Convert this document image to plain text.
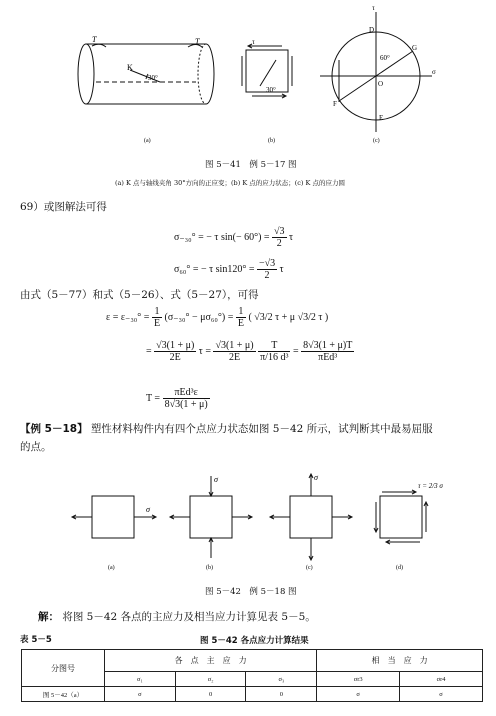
T	T
K
30°
(a)
τ
30°
(b)
τ
D
G
60°
O
F
E
σ
(c)
图 5－41　例 5－17 图
(a) K 点与轴线夹角 30°方向的正应变；(b) K 点的应力状态；(c) K 点的应力圆
69）或图解法可得
σ₋₃₀° = − τ $\sin(- 60^\circ) = \frac{√3}{2}$ τ
σ₆₀° = − τ $\sin 120^\circ = \frac{-√3}{2}$ τ
由式（5－77）和式（5－26）、式（5－27），可得
$\varepsilon = \varepsilon_{-30}^\circ = \frac{1}{E} (\sigma_{-30}^\circ - \mu\sigma_{60}^\circ) = \frac{1}{E}$ ( √3/2 τ + μ √3/2 τ )
= $\frac{√3(1 + \mu)}{2E}$ $\tau = \frac{√3(1 + \mu)}{2E}$
$\frac{T}{\text{π/16 d³}} = \frac{8√3(1 + \mu)T}{\text{πEd³}}$
$T = \frac{\text{πEd³ε}}{8√3(1 + \mu)}$
【例 5－18】 塑性材料构件内有四个点应力状态如图 5－42 所示，试判断其中最易屈服
的点。
σ
σ	σ
τ = 2/3 σ
(a)	(b)	(c)	(d)
图 5－42　例 5－18 图
解： 将图 5－42 各点的主应力及相当应力计算见表 5－5。
表 5－5	图 5－42 各点应力计算结果
分图号	各　点　主　应　力			相　当　应　力	
	σ₁	σ₂	σ₃	σr3	σr4
图 5－42（a）	σ	0	0	σ	σ
